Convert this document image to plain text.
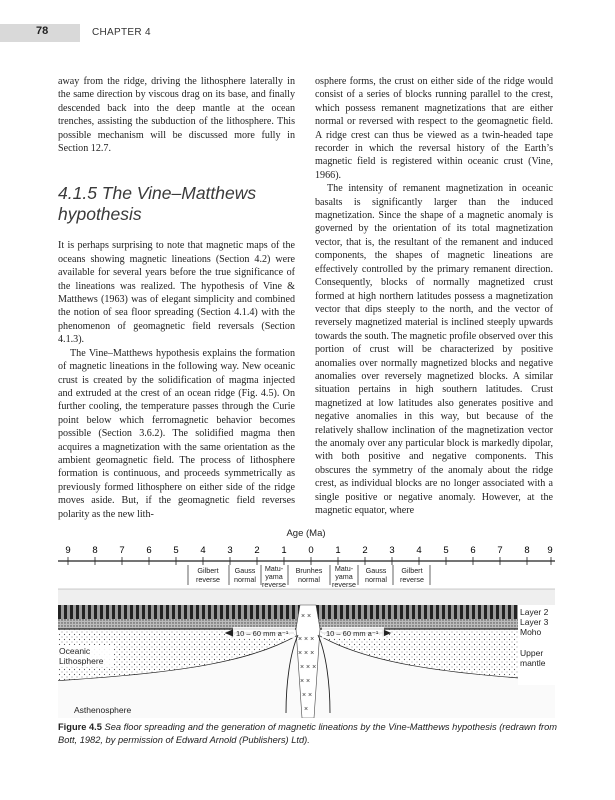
78	CHAPTER 4

away from the ridge, driving the lithosphere laterally in the same direction by viscous drag on its base, and finally descended back into the deep mantle at the ocean trenches, assisting the subduction of the lithosphere. This possible mechanism will be discussed more fully in Section 12.7.

4.1.5 The Vine–Matthews hypothesis

It is perhaps surprising to note that magnetic maps of the oceans showing magnetic lineations (Section 4.2) were available for several years before the true significance of the lineations was realized. The hypothesis of Vine & Matthews (1963) was of elegant simplicity and combined the notion of sea floor spreading (Section 4.1.4) with the phenomenon of geomagnetic field reversals (Section 4.1.3).

The Vine–Matthews hypothesis explains the formation of magnetic lineations in the following way. New oceanic crust is created by the solidification of magma injected and extruded at the crest of an ocean ridge (Fig. 4.5). On further cooling, the temperature passes through the Curie point below which ferromagnetic behavior becomes possible (Section 3.6.2). The solidified magma then acquires a magnetization with the same orientation as the ambient geomagnetic field. The process of lithosphere formation is continuous, and proceeds symmetrically as previously formed lithosphere on either side of the ridge moves aside. But, if the geomagnetic field reverses polarity as the new lith-

osphere forms, the crust on either side of the ridge would consist of a series of blocks running parallel to the crest, which possess remanent magnetizations that are either normal or reversed with respect to the geomagnetic field. A ridge crest can thus be viewed as a twin-headed tape recorder in which the reversal history of the Earth’s magnetic field is registered within oceanic crust (Vine, 1966).

The intensity of remanent magnetization in oceanic basalts is significantly larger than the induced magnetization. Since the shape of a magnetic anomaly is governed by the orientation of its total magnetization vector, that is, the resultant of the remanent and induced components, the shapes of magnetic lineations are effectively controlled by the primary remanent direction. Consequently, blocks of normally magnetized crust formed at high northern latitudes possess a magnetization vector that dips steeply to the north, and the vector of reversely magnetized material is inclined steeply upwards towards the south. The magnetic profile observed over this portion of crust will be characterized by positive anomalies over normally magnetized blocks and negative anomalies over reversely magnetized blocks. A similar situation pertains in high southern latitudes. Crust magnetized at low latitudes also generates positive and negative anomalies in this way, but because of the relatively shallow inclination of the magnetization vector the anomaly over any particular block is markedly dipolar, with both positive and negative components. This obscures the symmetry of the anomaly about the ridge crest, as individual blocks are no longer associated with a single positive or negative anomaly. However, at the magnetic equator, where

Age (Ma)
9 8 7 6 5 4 3 2 1 0 1 2 3 4 5 6 7 8 9
Gilbert
reverse
Gauss
normal
Matu-
yama
reverse
Brunhes
normal
Matu-
yama
reverse
Gauss
normal
Gilbert
reverse
× ×
× × ×
× × ×
× × ×
× ×
× ×
×
10 – 60 mm a⁻¹	10 – 60 mm a⁻¹
Oceanic
Lithosphere
Asthenosphere
Layer 2
Layer 3
Moho
Upper
mantle
Figure 4.5 Sea floor spreading and the generation of magnetic lineations by the Vine-Matthews hypothesis (redrawn from Bott, 1982, by permission of Edward Arnold (Publishers) Ltd).
